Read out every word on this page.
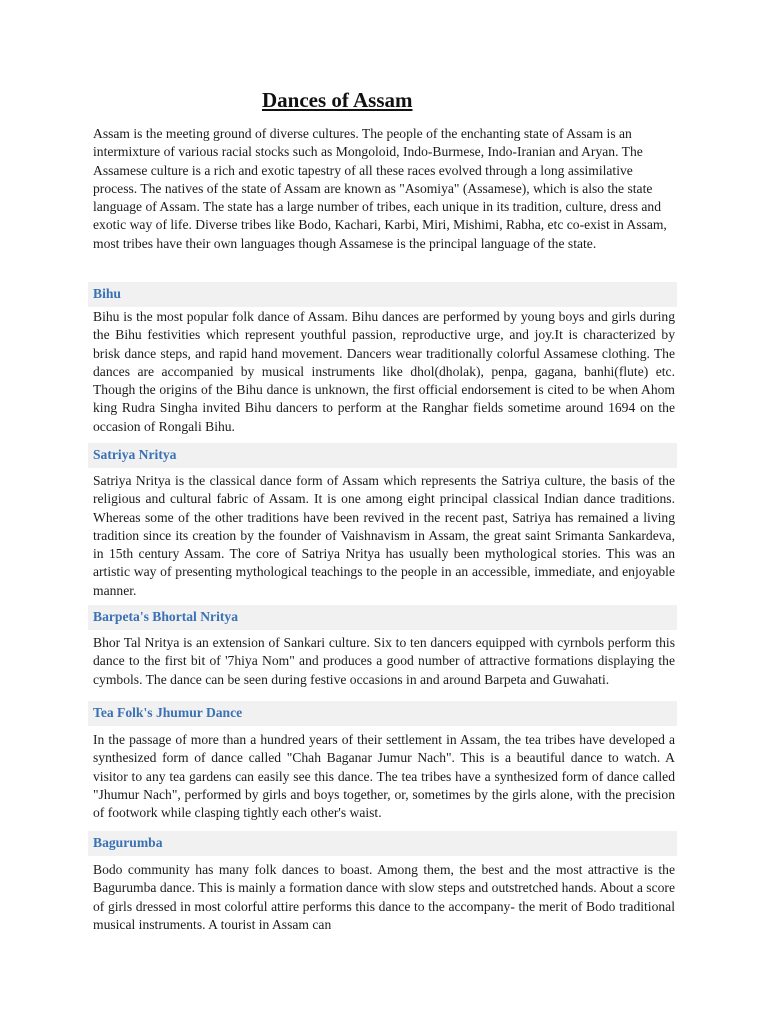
Dances of Assam

Assam is the meeting ground of diverse cultures. The people of the enchanting state of Assam is an intermixture of various racial stocks such as Mongoloid, Indo-Burmese, Indo-Iranian and Aryan. The Assamese culture is a rich and exotic tapestry of all these races evolved through a long assimilative process. The natives of the state of Assam are known as "Asomiya" (Assamese), which is also the state language of Assam. The state has a large number of tribes, each unique in its tradition, culture, dress and exotic way of life. Diverse tribes like Bodo, Kachari, Karbi, Miri, Mishimi, Rabha, etc co-exist in Assam, most tribes have their own languages though Assamese is the principal language of the state.

Bihu

Bihu is the most popular folk dance of Assam. Bihu dances are performed by young boys and girls during the Bihu festivities which represent youthful passion, reproductive urge, and joy.It is characterized by brisk dance steps, and rapid hand movement. Dancers wear traditionally colorful Assamese clothing. The dances are accompanied by musical instruments like dhol(dholak), penpa, gagana, banhi(flute) etc. Though the origins of the Bihu dance is unknown, the first official endorsement is cited to be when Ahom king Rudra Singha invited Bihu dancers to perform at the Ranghar fields sometime around 1694 on the occasion of Rongali Bihu.

Satriya Nritya

Satriya Nritya is the classical dance form of Assam which represents the Satriya culture, the basis of the religious and cultural fabric of Assam. It is one among eight principal classical Indian dance traditions. Whereas some of the other traditions have been revived in the recent past, Satriya has remained a living tradition since its creation by the founder of Vaishnavism in Assam, the great saint Srimanta Sankardeva, in 15th century Assam. The core of Satriya Nritya has usually been mythological stories. This was an artistic way of presenting mythological teachings to the people in an accessible, immediate, and enjoyable manner.

Barpeta's Bhortal Nritya

Bhor Tal Nritya is an extension of Sankari culture. Six to ten dancers equipped with cyrnbols perform this dance to the first bit of '7hiya Nom" and produces a good number of attractive formations displaying the cymbols. The dance can be seen during festive occasions in and around Barpeta and Guwahati.

Tea Folk's Jhumur Dance

In the passage of more than a hundred years of their settlement in Assam, the tea tribes have developed a synthesized form of dance called "Chah Baganar Jumur Nach". This is a beautiful dance to watch. A visitor to any tea gardens can easily see this dance. The tea tribes have a synthesized form of dance called "Jhumur Nach", performed by girls and boys together, or, sometimes by the girls alone, with the precision of footwork while clasping tightly each other's waist.

Bagurumba

Bodo community has many folk dances to boast. Among them, the best and the most attractive is the Bagurumba dance. This is mainly a formation dance with slow steps and outstretched hands. About a score of girls dressed in most colorful attire performs this dance to the accompany- the merit of Bodo traditional musical instruments. A tourist in Assam can
